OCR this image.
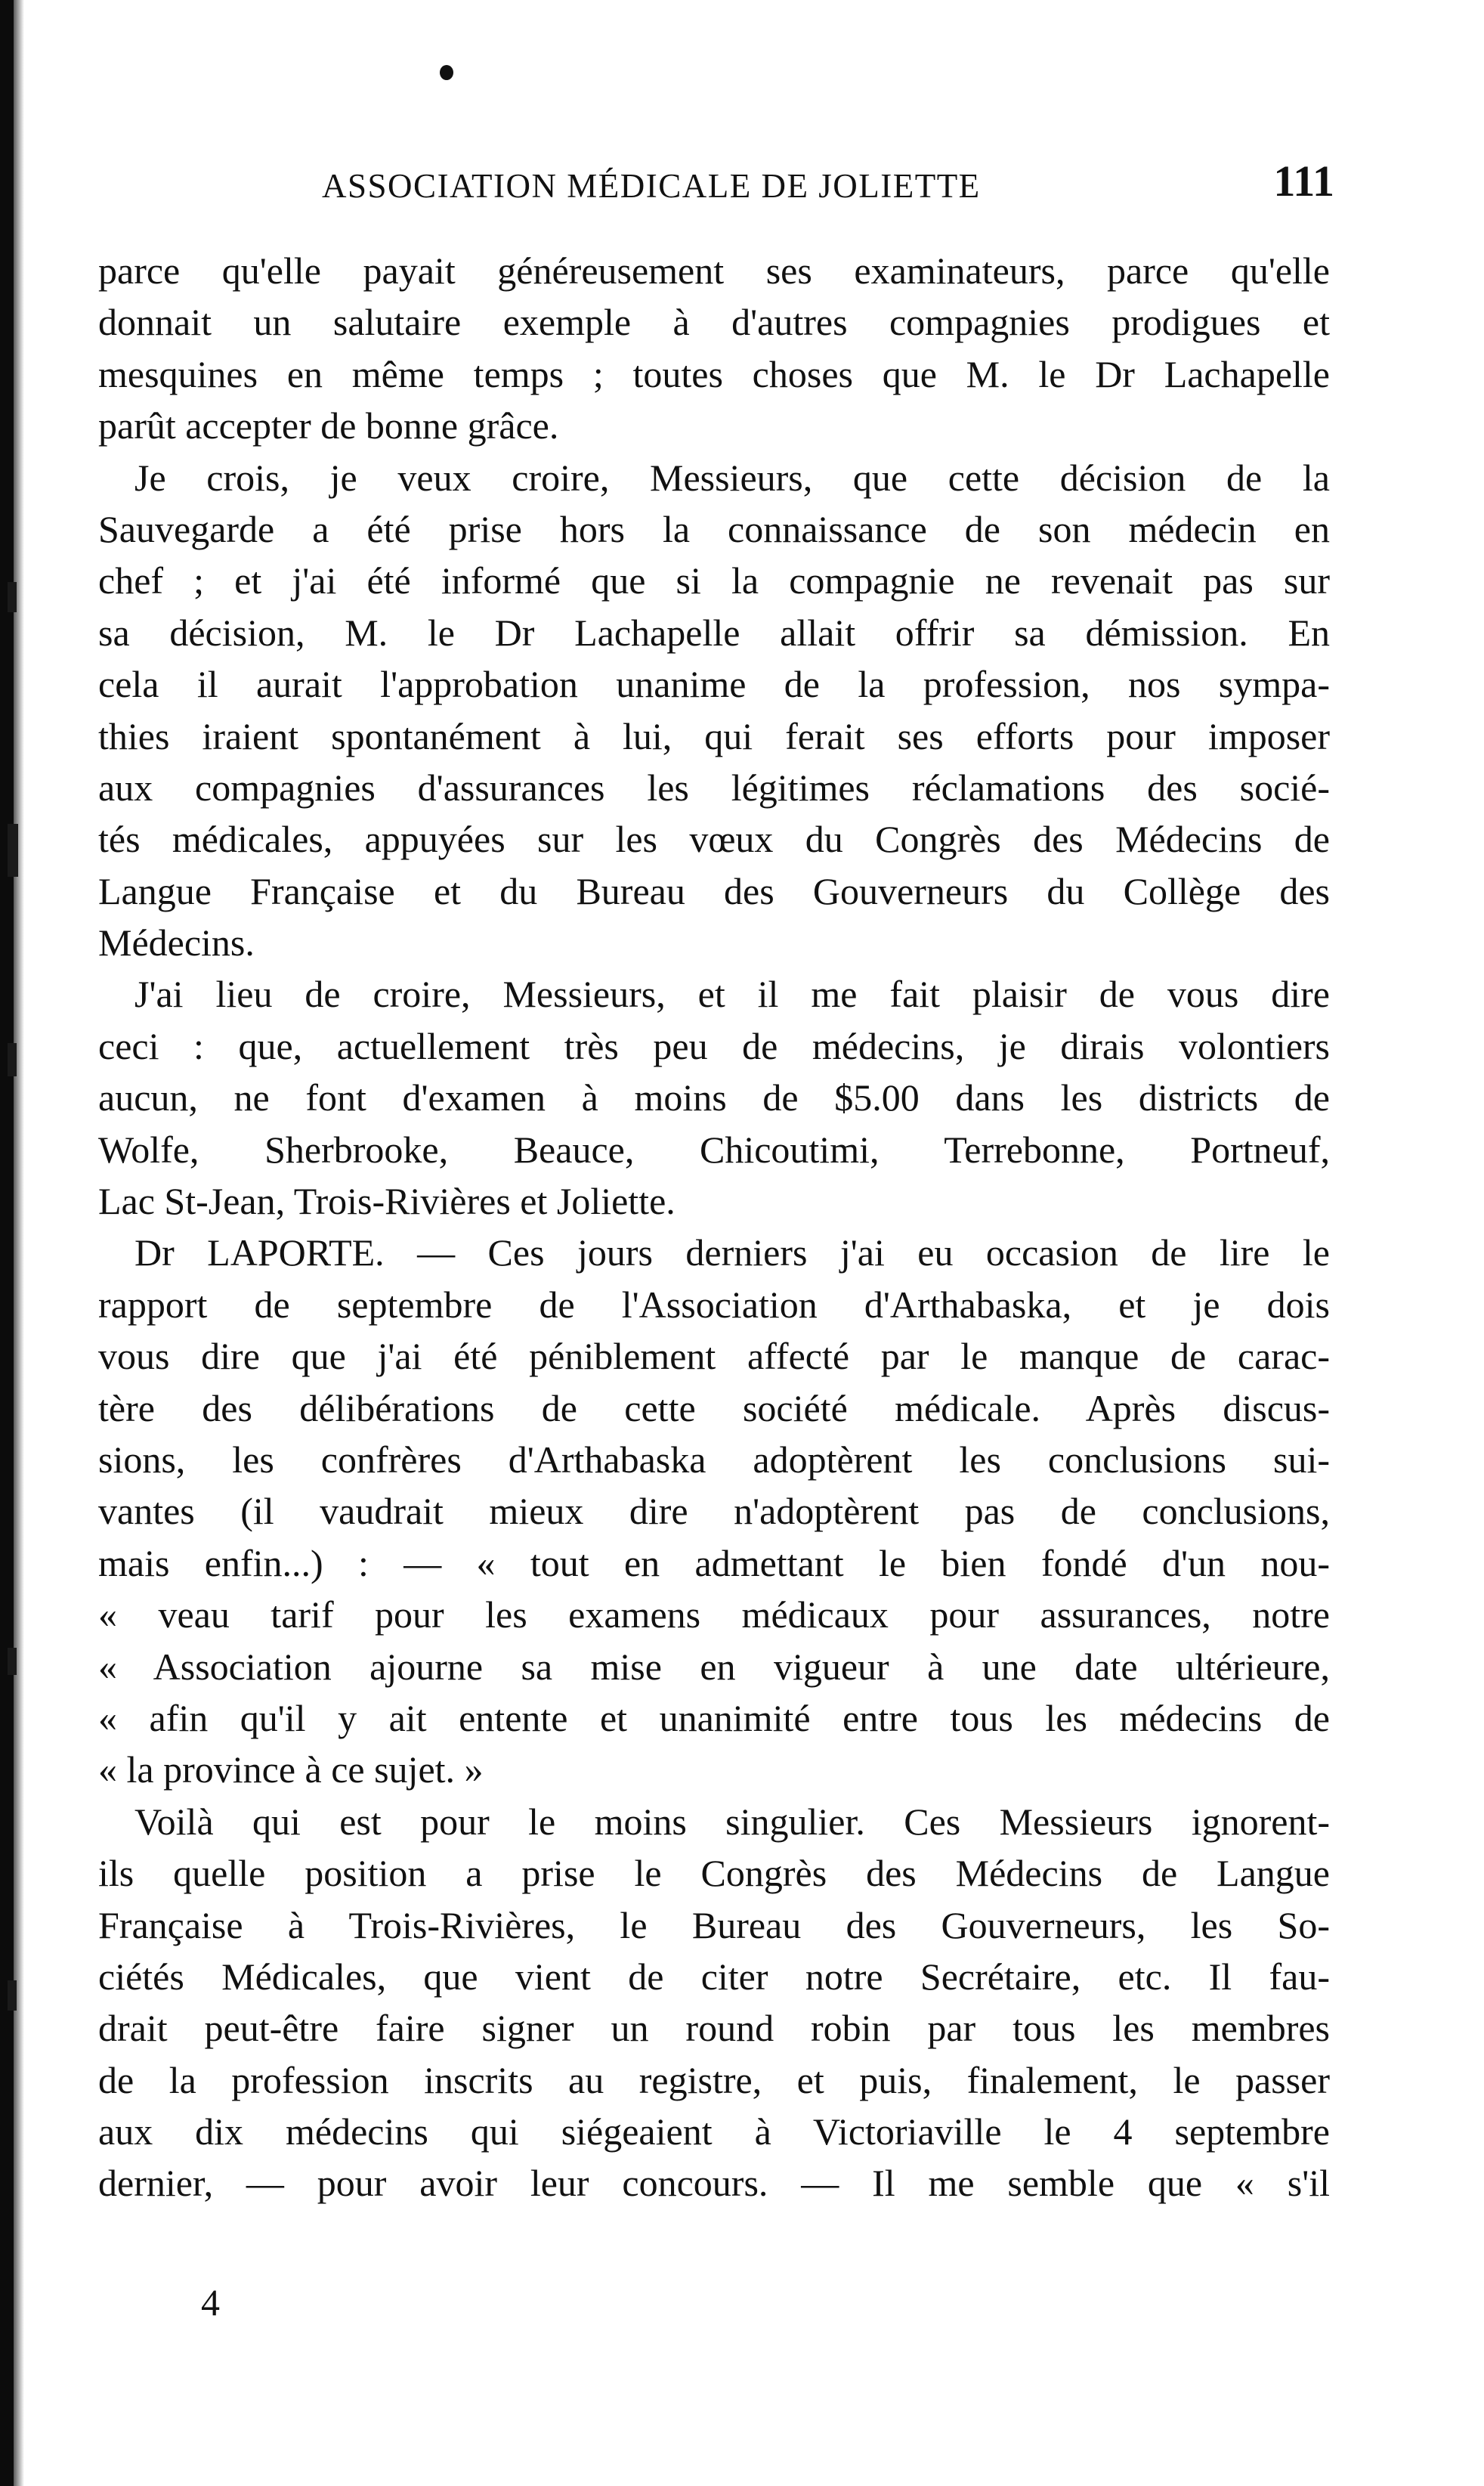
ASSOCIATION MÉDICALE DE JOLIETTE	111
parce qu'elle payait généreusement ses examinateurs, parce qu'elle
donnait un salutaire exemple à d'autres compagnies prodigues et
mesquines en même temps ; toutes choses que M. le Dr Lachapelle
parût accepter de bonne grâce.
Je crois, je veux croire, Messieurs, que cette décision de la
Sauvegarde a été prise hors la connaissance de son médecin en
chef ; et j'ai été informé que si la compagnie ne revenait pas sur
sa décision, M. le Dr Lachapelle allait offrir sa démission. En
cela il aurait l'approbation unanime de la profession, nos sympa-
thies iraient spontanément à lui, qui ferait ses efforts pour imposer
aux compagnies d'assurances les légitimes réclamations des socié-
tés médicales, appuyées sur les vœux du Congrès des Médecins de
Langue Française et du Bureau des Gouverneurs du Collège des
Médecins.
J'ai lieu de croire, Messieurs, et il me fait plaisir de vous dire
ceci : que, actuellement très peu de médecins, je dirais volontiers
aucun, ne font d'examen à moins de $5.00 dans les districts de
Wolfe, Sherbrooke, Beauce, Chicoutimi, Terrebonne, Portneuf,
Lac St-Jean, Trois-Rivières et Joliette.
Dr LAPORTE. — Ces jours derniers j'ai eu occasion de lire le
rapport de septembre de l'Association d'Arthabaska, et je dois
vous dire que j'ai été péniblement affecté par le manque de carac-
tère des délibérations de cette société médicale. Après discus-
sions, les confrères d'Arthabaska adoptèrent les conclusions sui-
vantes (il vaudrait mieux dire n'adoptèrent pas de conclusions,
mais enfin...) : — « tout en admettant le bien fondé d'un nou-
« veau tarif pour les examens médicaux pour assurances, notre
« Association ajourne sa mise en vigueur à une date ultérieure,
« afin qu'il y ait entente et unanimité entre tous les médecins de
« la province à ce sujet. »
Voilà qui est pour le moins singulier. Ces Messieurs ignorent-
ils quelle position a prise le Congrès des Médecins de Langue
Française à Trois-Rivières, le Bureau des Gouverneurs, les So-
ciétés Médicales, que vient de citer notre Secrétaire, etc. Il fau-
drait peut-être faire signer un round robin par tous les membres
de la profession inscrits au registre, et puis, finalement, le passer
aux dix médecins qui siégeaient à Victoriaville le 4 septembre
dernier, — pour avoir leur concours. — Il me semble que « s'il
4
